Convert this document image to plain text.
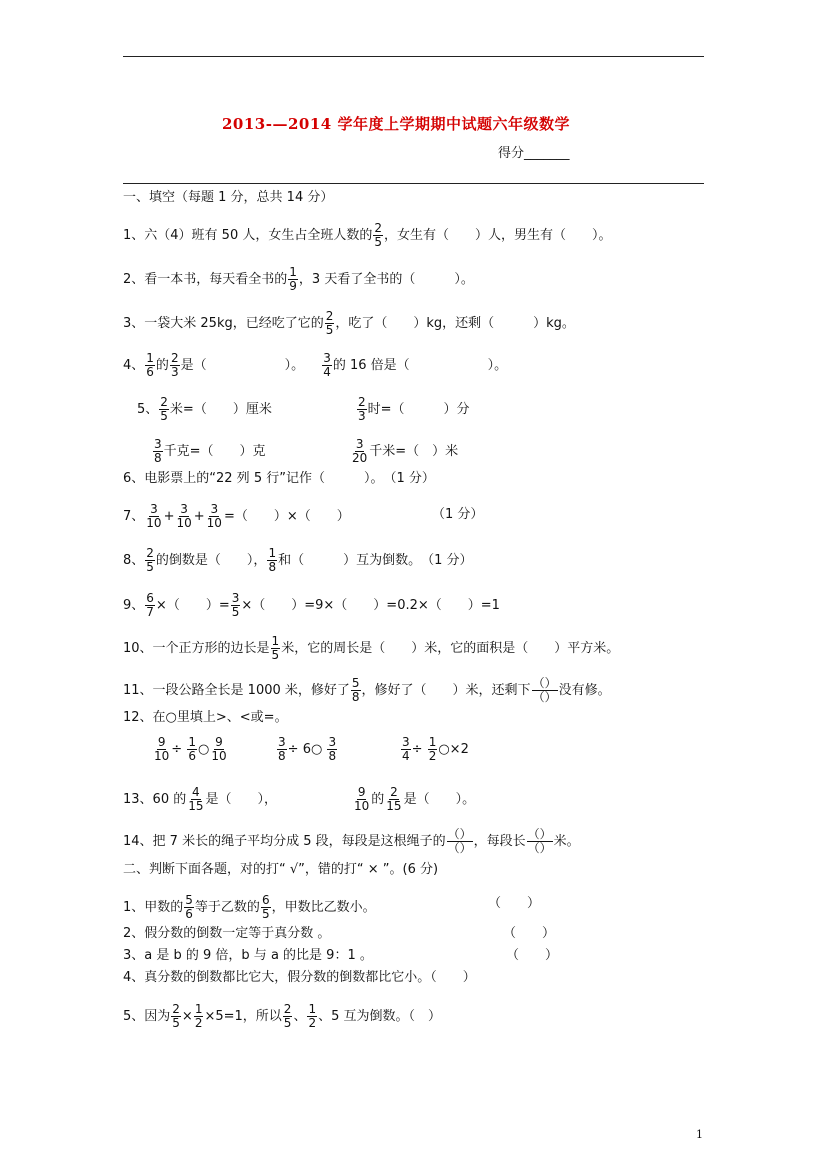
2013-—2014 学年度上学期期中试题六年级数学
得分_______
一、填空（每题 1 分，总共 14 分）
1、六（4）班有 50 人，女生占全班人数的 $\frac{2}{5}$ ，女生有（　　）人，男生有（　　）。
2、看一本书，每天看全书的 $\frac{1}{9}$ ，3 天看了全书的（　　　）。
3、一袋大米 25kg，已经吃了它的 $\frac{2}{5}$ ，吃了（　　）kg，还剩（　　　）kg。
4、 $\frac{1}{6}$ 的 $\frac{2}{3}$ 是（　　　　　　）。 $\frac{3}{4}$ 的 16 倍是（　　　　　　）。
5、 $\frac{2}{5}$ 米=（　　）厘米	$\frac{2}{3}$ 时=（　　　）分
$\frac{3}{8}$ 千克=（　　）克	$\frac{3}{20}$ 千米=（　）米
6、电影票上的“22 列 5 行”记作（　　　）。　（1 分）
7、 $\frac{3}{10} + \frac{3}{10} + \frac{3}{10}$ =（　　）×（　　）	（1 分）
8、 $\frac{2}{5}$ 的倒数是（　　）， $\frac{1}{8}$ 和（　　　）互为倒数。　（1 分）
9、 $\frac{6}{7}$ ×（　　）= $\frac{3}{5}$ ×（　　）=9×（　　）=0.2×（　　）=1
10、一个正方形的边长是 $\frac{1}{5}$ 米，它的周长是（　　）米，它的面积是（　　）平方米。
11、一段公路全长是 1000 米，修好了 $\frac{5}{8}$ ，修好了（　　）米，还剩下 （）
（） 没有修。
12、在○里填上>、<或=。
$\frac{9}{10} \div \frac{1}{6}$ ○ $\frac{9}{10}$	$\frac{3}{8}$ ÷ 6○ $\frac{3}{8}$	$\frac{3}{4} \div \frac{1}{2}$ ○×2
13、60 的 $\frac{4}{15}$ 是（　　），	$\frac{9}{10}$ 的 $\frac{2}{15}$ 是（　　）。
14、把 7 米长的绳子平均分成 5 段，每段是这根绳子的 （）
（） ，每段长 （）
（） 米。
二、判断下面各题，对的打“ √”，错的打“ × ”。(6 分)
1、甲数的 $\frac{5}{6}$ 等于乙数的 $\frac{6}{5}$ ，甲数比乙数小。	（　　）
2、假分数的倒数一定等于真分数 。	（　　）
3、a 是 b 的 9 倍，b 与 a 的比是 9：1 。	（　　）
4、真分数的倒数都比它大，假分数的倒数都比它小。（　　）
5、因为 $\frac{2}{5} \times \frac{1}{2} \times 5=1$，所以 $\frac{2}{5}$ 、 $\frac{1}{2}$ 、5 互为倒数。（　）
1
